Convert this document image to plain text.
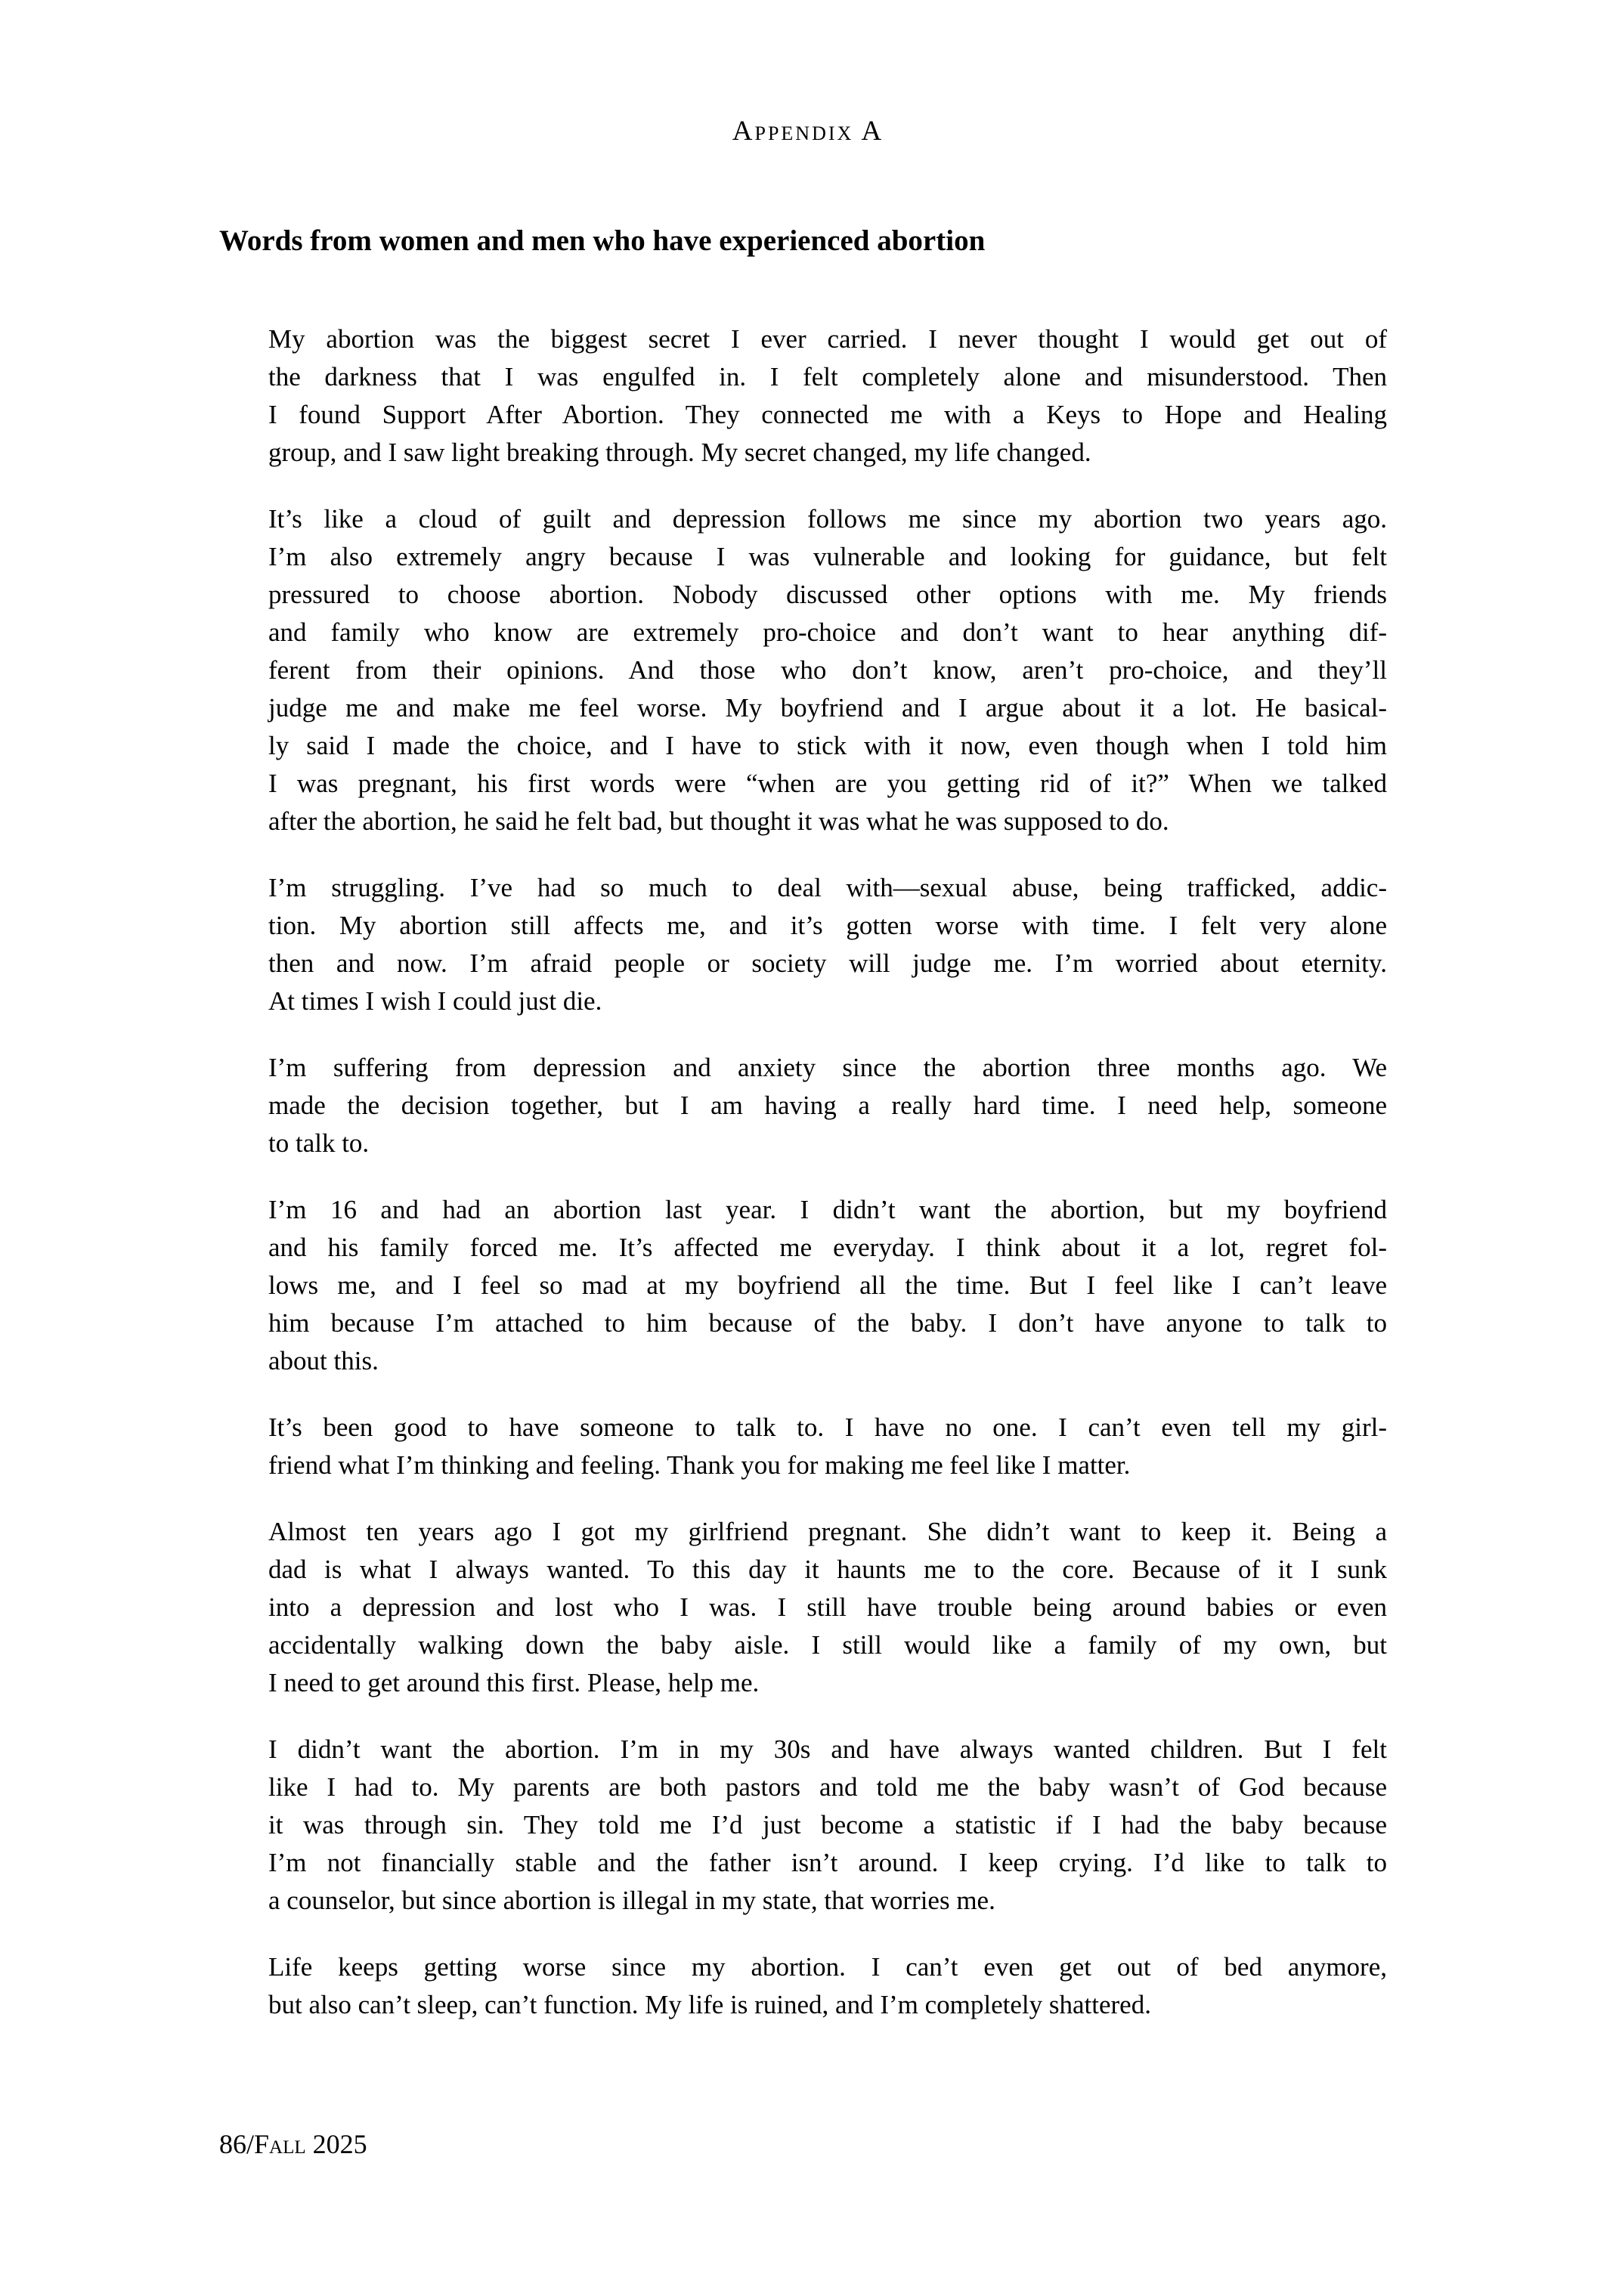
Appendix A
Words from women and men who have experienced abortion
My abortion was the biggest secret I ever carried. I never thought I would get out of
the darkness that I was engulfed in. I felt completely alone and misunderstood. Then
I found Support After Abortion. They connected me with a Keys to Hope and Healing
group, and I saw light breaking through. My secret changed, my life changed.
It’s like a cloud of guilt and depression follows me since my abortion two years ago.
I’m also extremely angry because I was vulnerable and looking for guidance, but felt
pressured to choose abortion. Nobody discussed other options with me. My friends
and family who know are extremely pro-choice and don’t want to hear anything dif-
ferent from their opinions. And those who don’t know, aren’t pro-choice, and they’ll
judge me and make me feel worse. My boyfriend and I argue about it a lot. He basical-
ly said I made the choice, and I have to stick with it now, even though when I told him
I was pregnant, his first words were “when are you getting rid of it?” When we talked
after the abortion, he said he felt bad, but thought it was what he was supposed to do.
I’m struggling. I’ve had so much to deal with—sexual abuse, being trafficked, addic-
tion. My abortion still affects me, and it’s gotten worse with time. I felt very alone
then and now. I’m afraid people or society will judge me. I’m worried about eternity.
At times I wish I could just die.
I’m suffering from depression and anxiety since the abortion three months ago. We
made the decision together, but I am having a really hard time. I need help, someone
to talk to.
I’m 16 and had an abortion last year. I didn’t want the abortion, but my boyfriend
and his family forced me. It’s affected me everyday. I think about it a lot, regret fol-
lows me, and I feel so mad at my boyfriend all the time. But I feel like I can’t leave
him because I’m attached to him because of the baby. I don’t have anyone to talk to
about this.
It’s been good to have someone to talk to. I have no one. I can’t even tell my girl-
friend what I’m thinking and feeling. Thank you for making me feel like I matter.
Almost ten years ago I got my girlfriend pregnant. She didn’t want to keep it. Being a
dad is what I always wanted. To this day it haunts me to the core. Because of it I sunk
into a depression and lost who I was. I still have trouble being around babies or even
accidentally walking down the baby aisle. I still would like a family of my own, but
I need to get around this first. Please, help me.
I didn’t want the abortion. I’m in my 30s and have always wanted children. But I felt
like I had to. My parents are both pastors and told me the baby wasn’t of God because
it was through sin. They told me I’d just become a statistic if I had the baby because
I’m not financially stable and the father isn’t around. I keep crying. I’d like to talk to
a counselor, but since abortion is illegal in my state, that worries me.
Life keeps getting worse since my abortion. I can’t even get out of bed anymore,
but also can’t sleep, can’t function. My life is ruined, and I’m completely shattered.
86/Fall 2025
